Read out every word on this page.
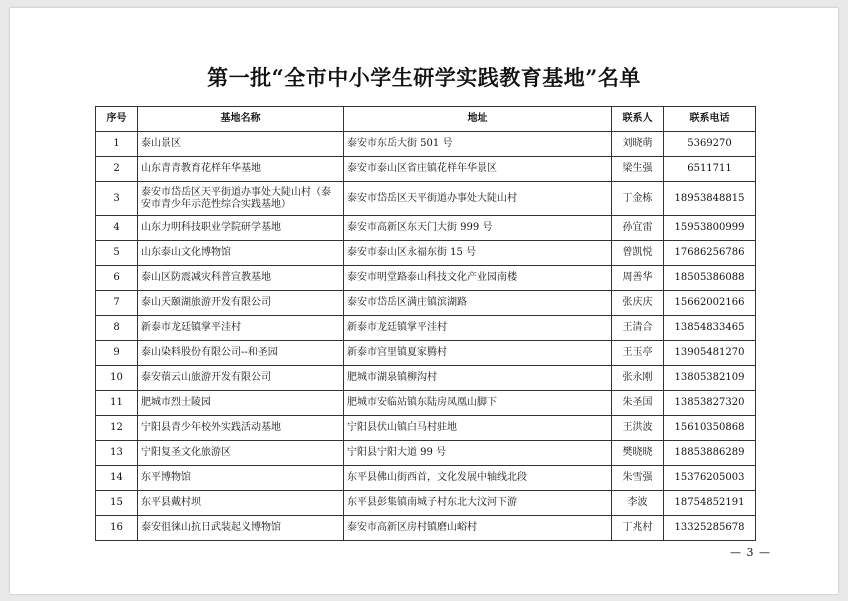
第一批“全市中小学生研学实践教育基地”名单
序号	基地名称	地址	联系人	联系电话
1	泰山景区	泰安市东岳大街 501 号	刘晓萌	5369270
2	山东青青教育花样年华基地	泰安市泰山区省庄镇花样年华景区	梁生强	6511711
3	泰安市岱岳区天平街道办事处大陡山村（泰安市青少年示范性综合实践基地）	泰安市岱岳区天平街道办事处大陡山村	丁金栋	18953848815
4	山东力明科技职业学院研学基地	泰安市高新区东天门大街 999 号	孙宜雷	15953800999
5	山东泰山文化博物馆	泰安市泰山区永福东街 15 号	曾凯悦	17686256786
6	泰山区防震减灾科普宣教基地	泰安市明堂路泰山科技文化产业园南楼	周善华	18505386088
7	泰山天颐湖旅游开发有限公司	泰安市岱岳区满庄镇滨湖路	张庆庆	15662002166
8	新泰市龙廷镇掌平洼村	新泰市龙廷镇掌平洼村	王清合	13854833465
9	泰山染料股份有限公司--和圣园	新泰市宫里镇夏家腾村	王玉亭	13905481270
10	泰安蓿云山旅游开发有限公司	肥城市湖泉镇柳沟村	张永刚	13805382109
11	肥城市烈士陵园	肥城市安临站镇东陆房凤凰山脚下	朱圣国	13853827320
12	宁阳县青少年校外实践活动基地	宁阳县伏山镇白马村驻地	王洪波	15610350868
13	宁阳复圣文化旅游区	宁阳县宁阳大道 99 号	樊晓晓	18853886289
14	东平博物馆	东平县佛山街西首，文化发展中轴线北段	朱雪强	15376205003
15	东平县戴村坝	东平县彭集镇南城子村东北大汶河下游	李波	18754852191
16	泰安徂徕山抗日武装起义博物馆	泰安市高新区房村镇磨山峪村	丁兆村	13325285678
— 3 —
